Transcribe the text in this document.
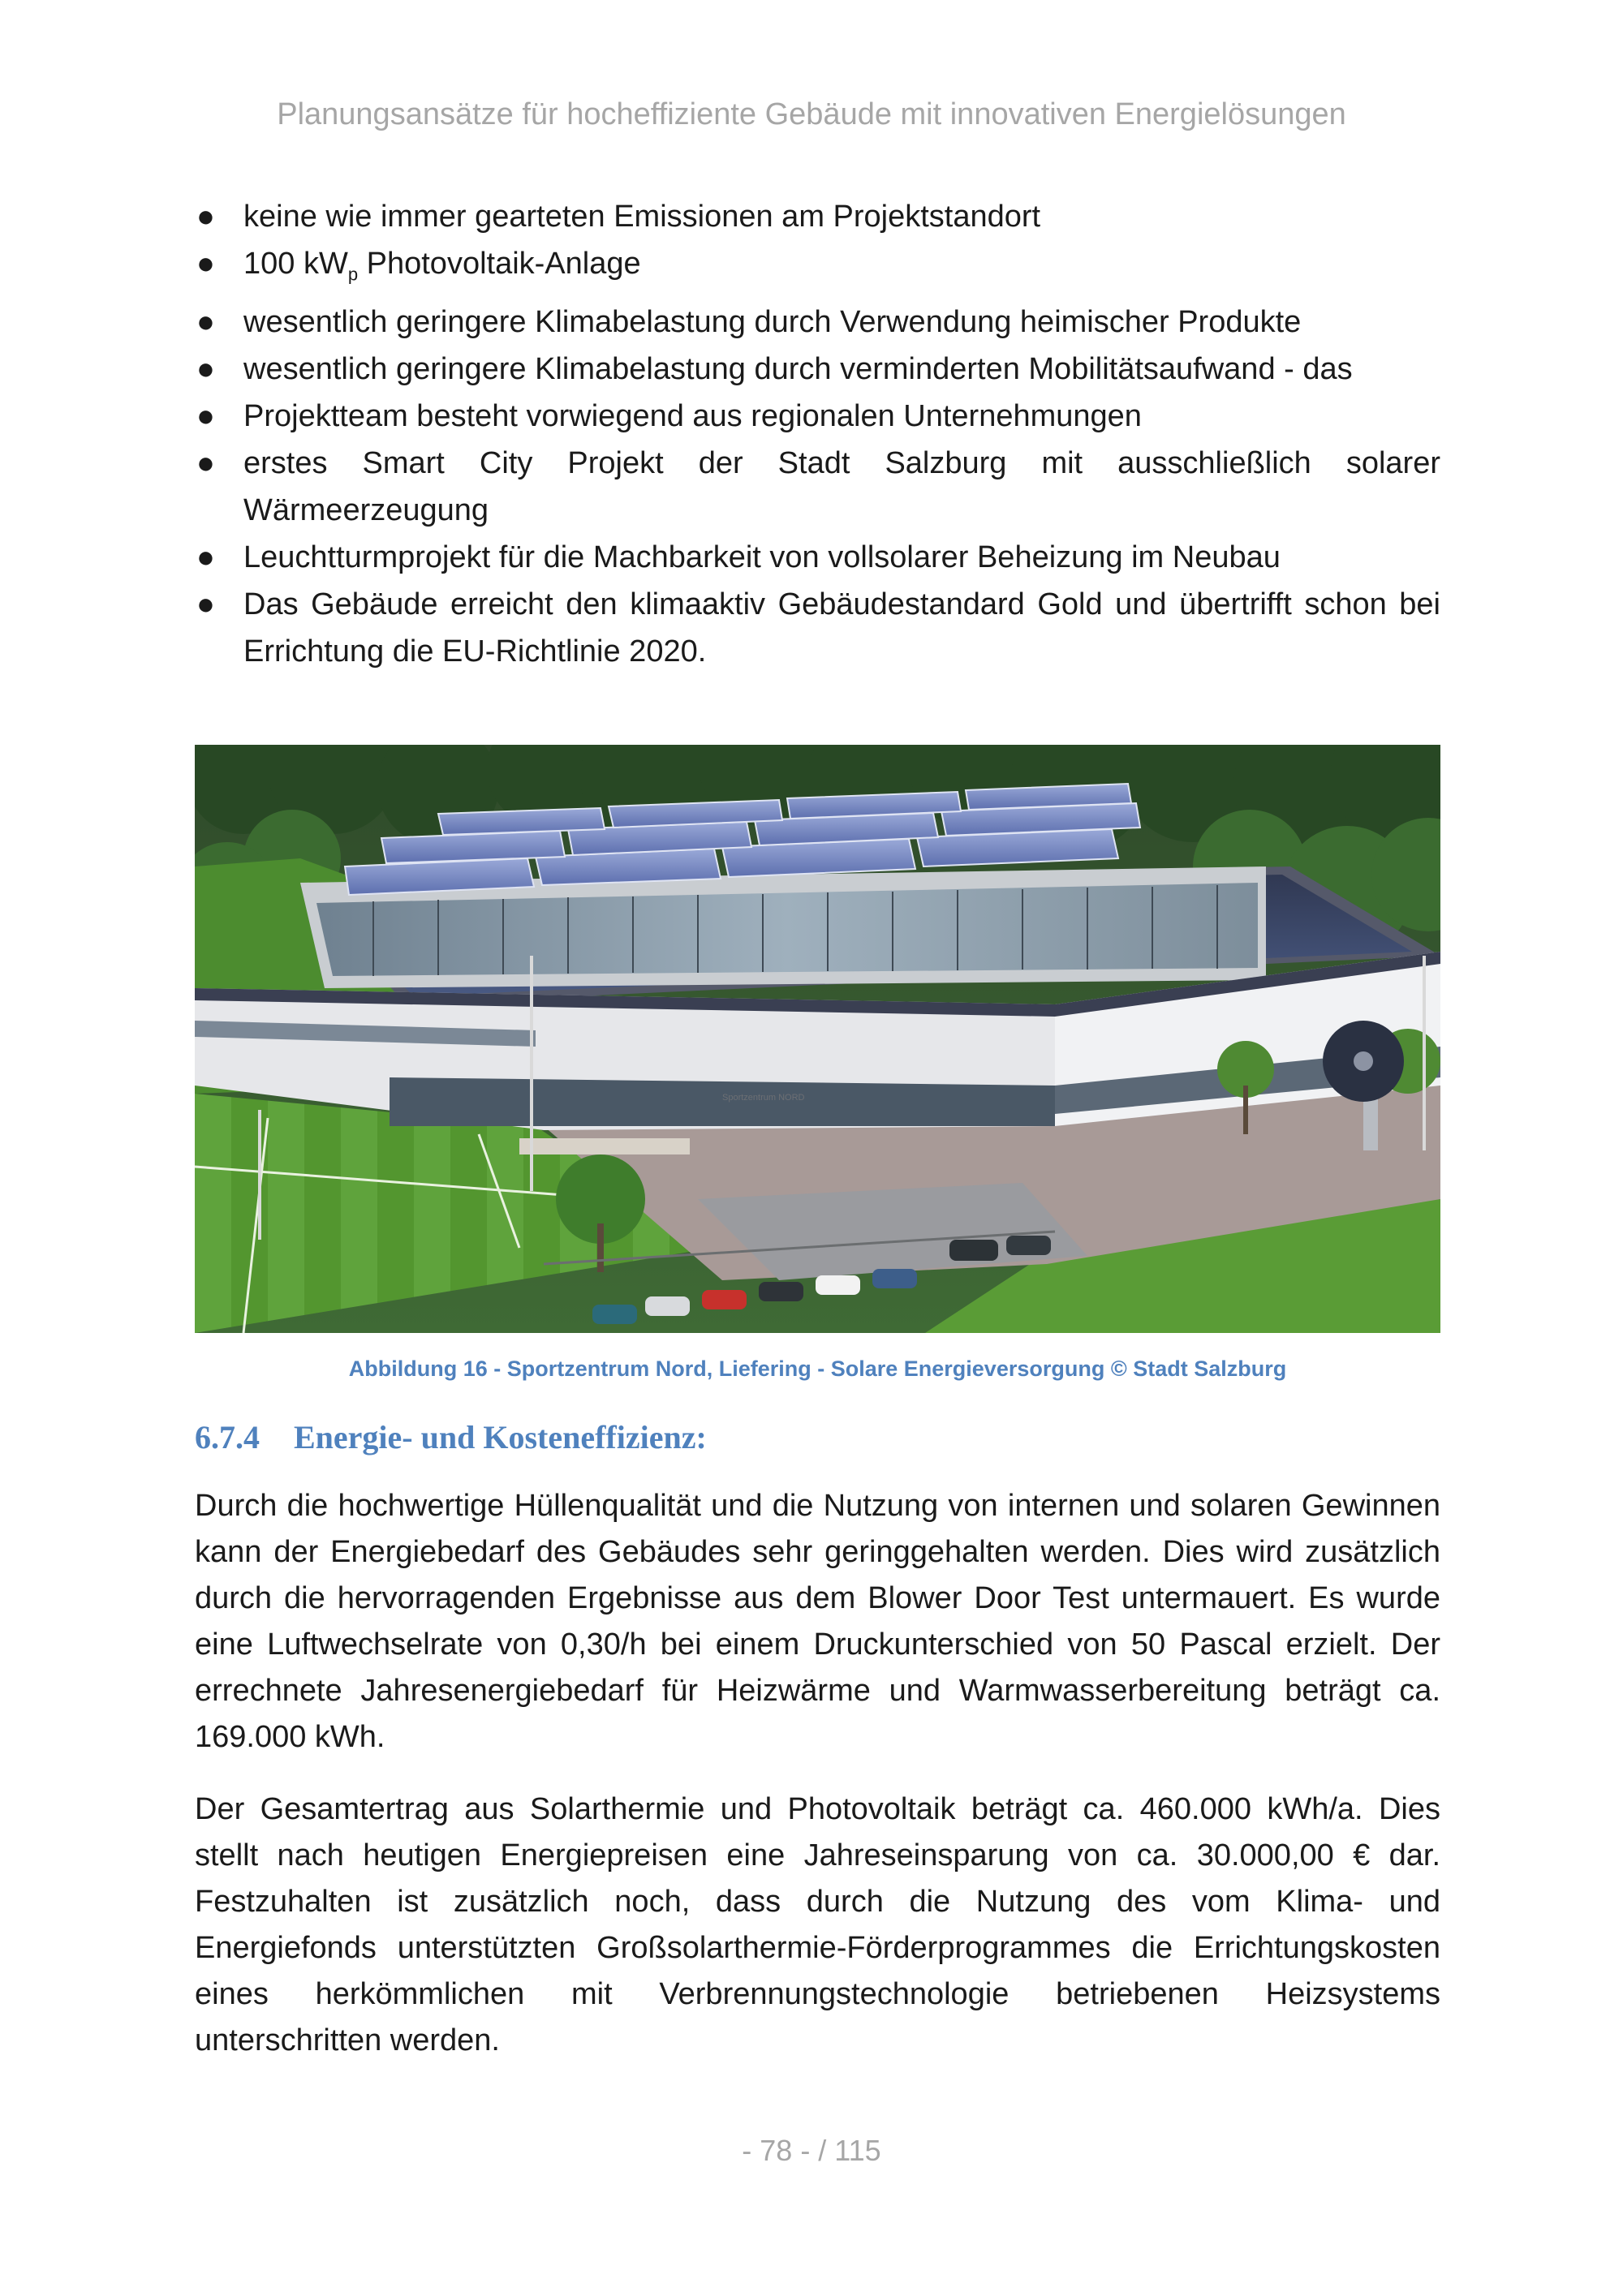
Planungsansätze für hocheffiziente Gebäude mit innovativen Energielösungen
● keine wie immer gearteten Emissionen am Projektstandort
● 100 $kW_p$ Photovoltaik-Anlage
● wesentlich geringere Klimabelastung durch Verwendung heimischer Produkte
● wesentlich geringere Klimabelastung durch verminderten Mobilitätsaufwand - das
● Projektteam besteht vorwiegend aus regionalen Unternehmungen
● erstes Smart City Projekt der Stadt Salzburg mit ausschließlich solarer
Wärmeerzeugung
● Leuchtturmprojekt für die Machbarkeit von vollsolarer Beheizung im Neubau
● Das Gebäude erreicht den klimaaktiv Gebäudestandard Gold und übertrifft schon bei Errichtung die EU-Richtlinie 2020.
Sportzentrum NORD
Abbildung 16 - Sportzentrum Nord, Liefering - Solare Energieversorgung © Stadt Salzburg
6.7.4 Energie- und Kosteneffizienz:

Durch die hochwertige Hüllenqualität und die Nutzung von internen und solaren Gewinnen kann der Energiebedarf des Gebäudes sehr geringgehalten werden. Dies wird zusätzlich durch die hervorragenden Ergebnisse aus dem Blower Door Test untermauert. Es wurde eine Luftwechselrate von 0,30/h bei einem Druckunterschied von 50 Pascal erzielt. Der errechnete Jahresenergiebedarf für Heizwärme und Warmwasserbereitung beträgt ca. 169.000 kWh.

Der Gesamtertrag aus Solarthermie und Photovoltaik beträgt ca. 460.000 kWh/a. Dies stellt nach heutigen Energiepreisen eine Jahreseinsparung von ca. 30.000,00 € dar. Festzuhalten ist zusätzlich noch, dass durch die Nutzung des vom Klima- und Energiefonds unterstützten Großsolarthermie-Förderprogrammes die Errichtungskosten eines herkömmlichen mit Verbrennungstechnologie betriebenen Heizsystems unterschritten werden.

- 78 - / 115
